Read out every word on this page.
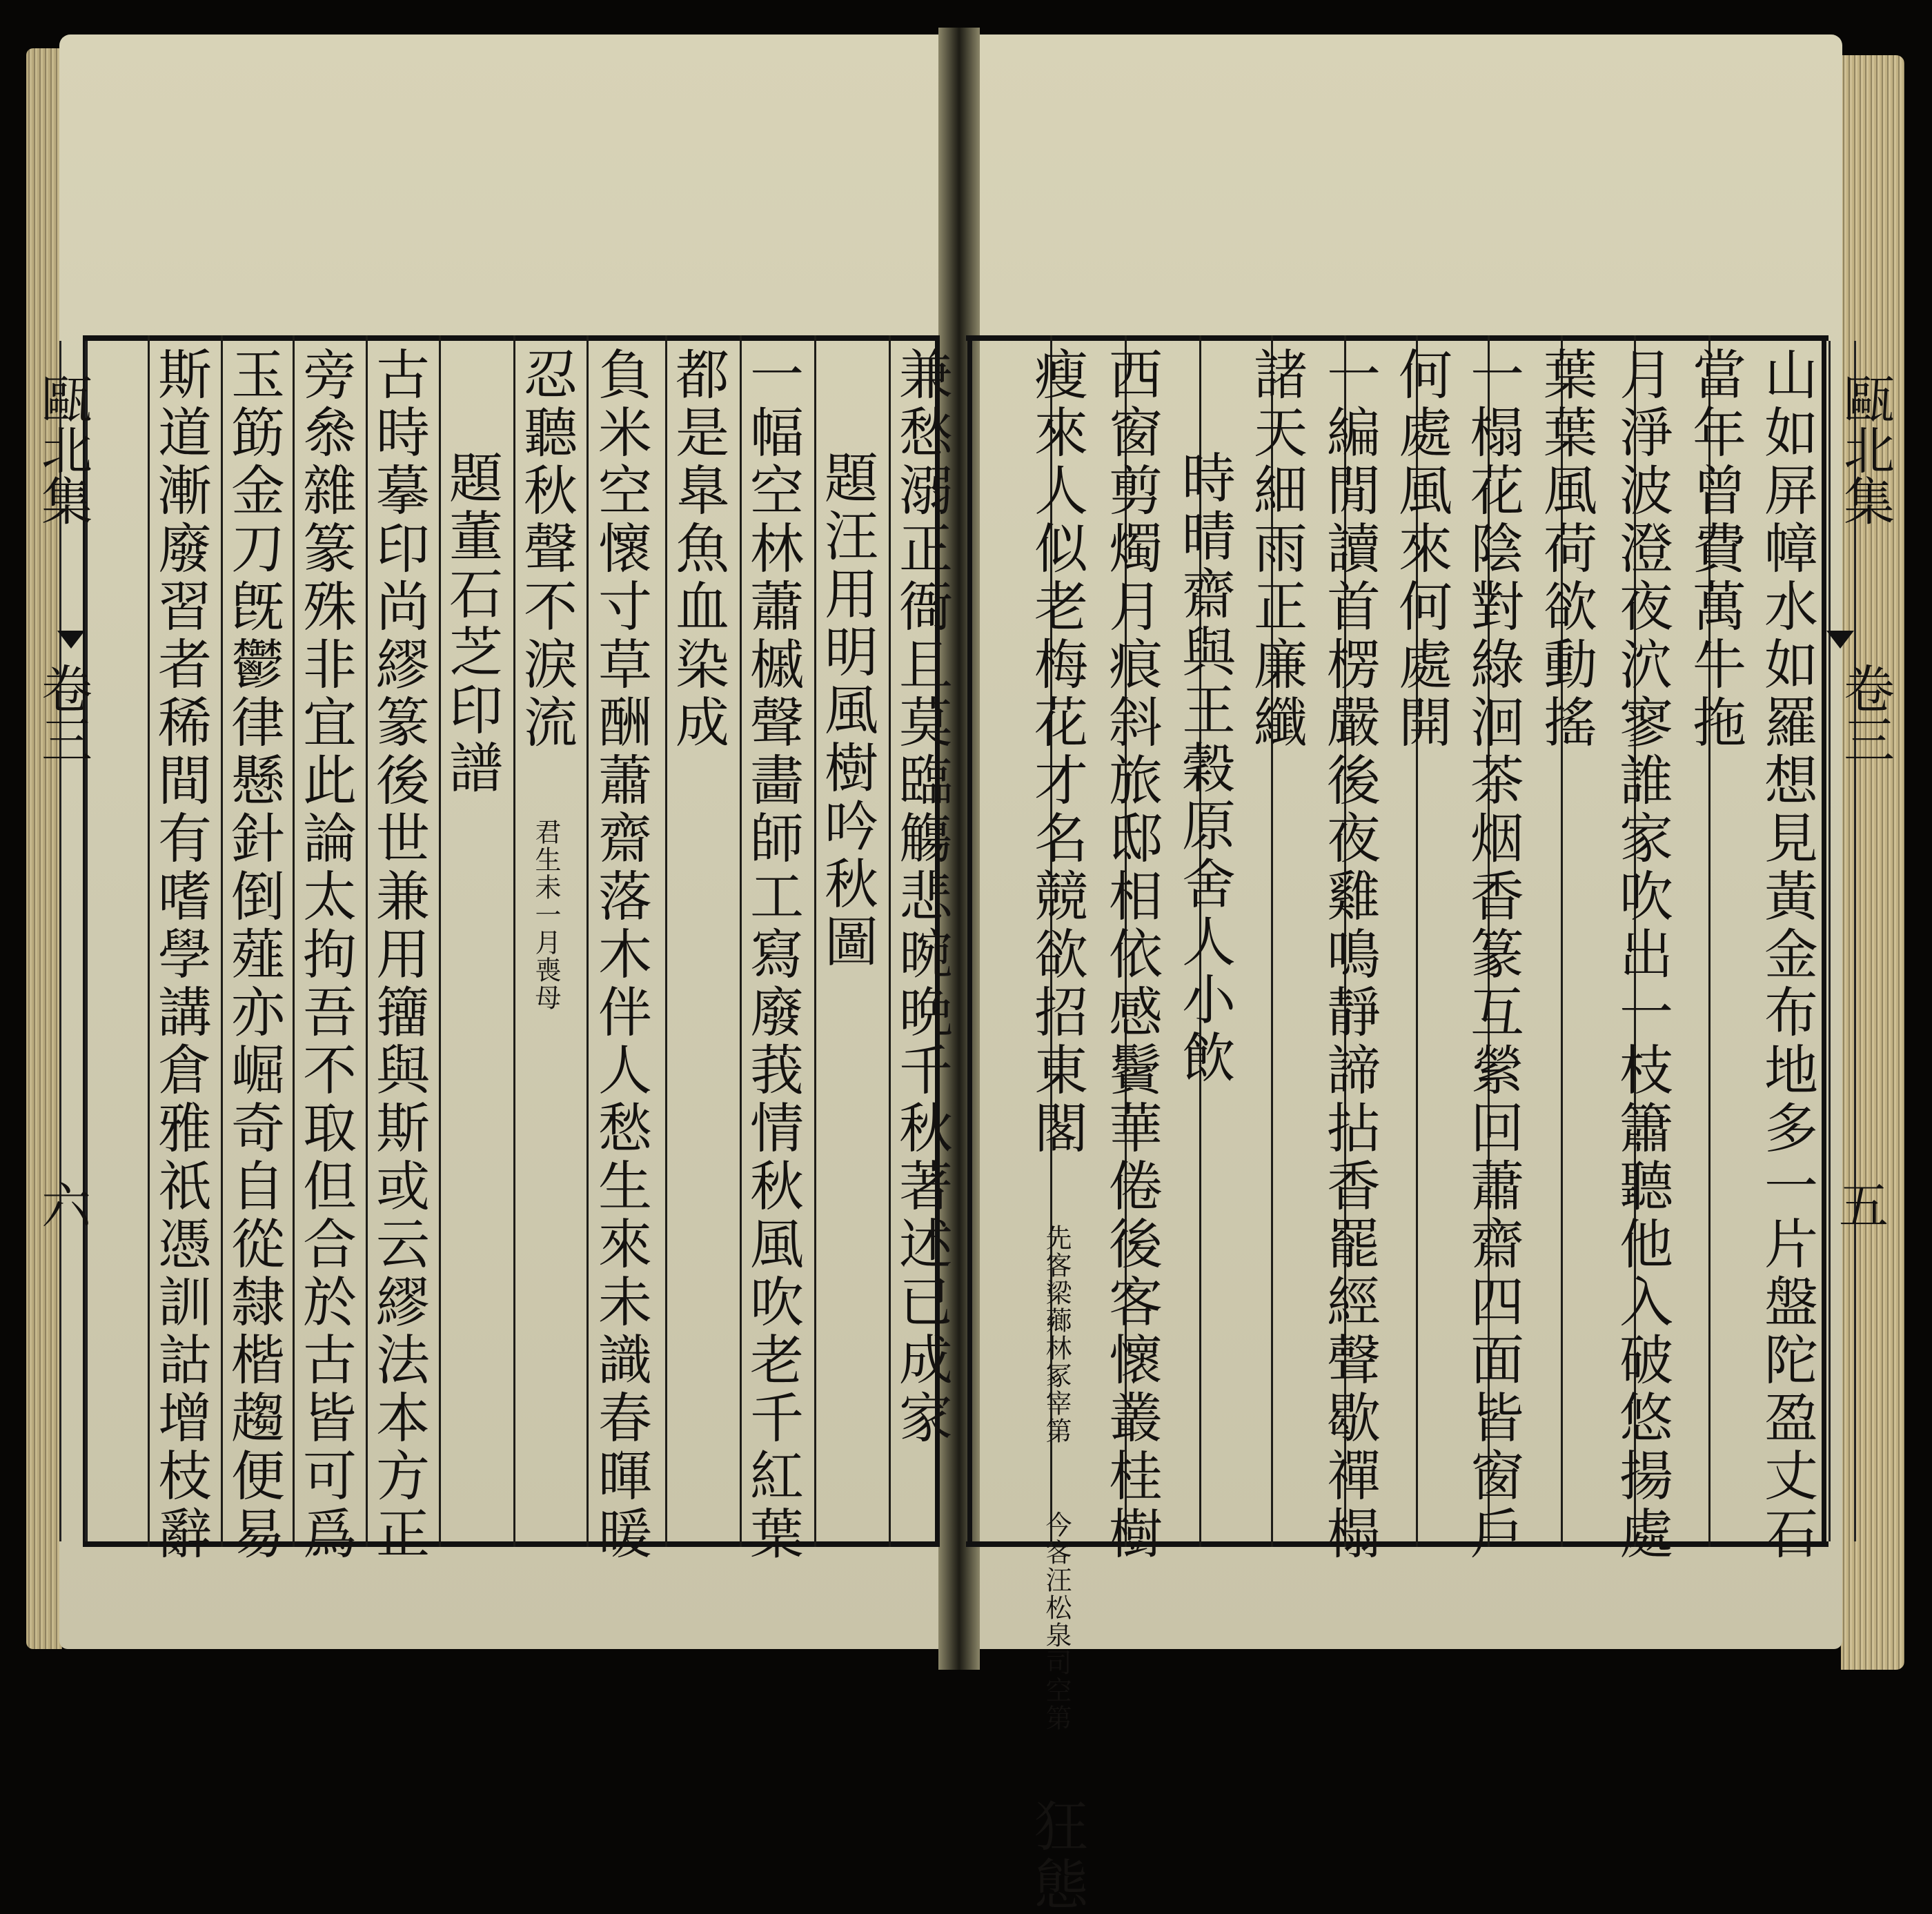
甌北集
卷三
六
甌北集
卷三
五
兼愁溺正衙且莫臨觴悲晼晩千秋著述已成家
題汪用明風樹吟秋圖
一幅空林蕭槭聲畵師工寫廢莪情秋風吹老千紅葉
都是臯魚血染成
負米空懷寸草酬蕭齋落木伴人愁生來未識春暉暖
忍聽秋聲不淚流 君生未一月喪母
題董石芝印譜
古時摹印尚繆篆後世兼用籒與斯或云繆法本方正
旁叅雜篆殊非宜此論太拘吾不取但合於古皆可爲
玉筯金刀旣鬱律懸針倒薤亦崛奇自從隸楷趨便易
斯道漸廢習者稀間有嗜學講倉雅祇憑訓詁增枝辭	山如屏幛水如羅想見黃金布地多一片盤陀盈丈石
當年曾費萬牛拖
月淨波澄夜泬寥誰家吹出一枝簫聽他入破悠揚處
葉葉風荷欲動搖
一榻花陰對綠洄茶烟香篆互縈回蕭齋四面皆窗戶
何處風來何處開
一編閒讀首楞嚴後夜雞鳴靜諦拈香罷經聲歇禪榻
諸天細雨正廉纖
時晴齋與王穀原舍人小飲
西窗剪燭月痕斜旅邸相依感鬢華倦後客懷叢桂樹
瘦來人似老梅花才名競欲招東閣 先客梁薌林冢宰第 今客汪松泉司空第 狂態
